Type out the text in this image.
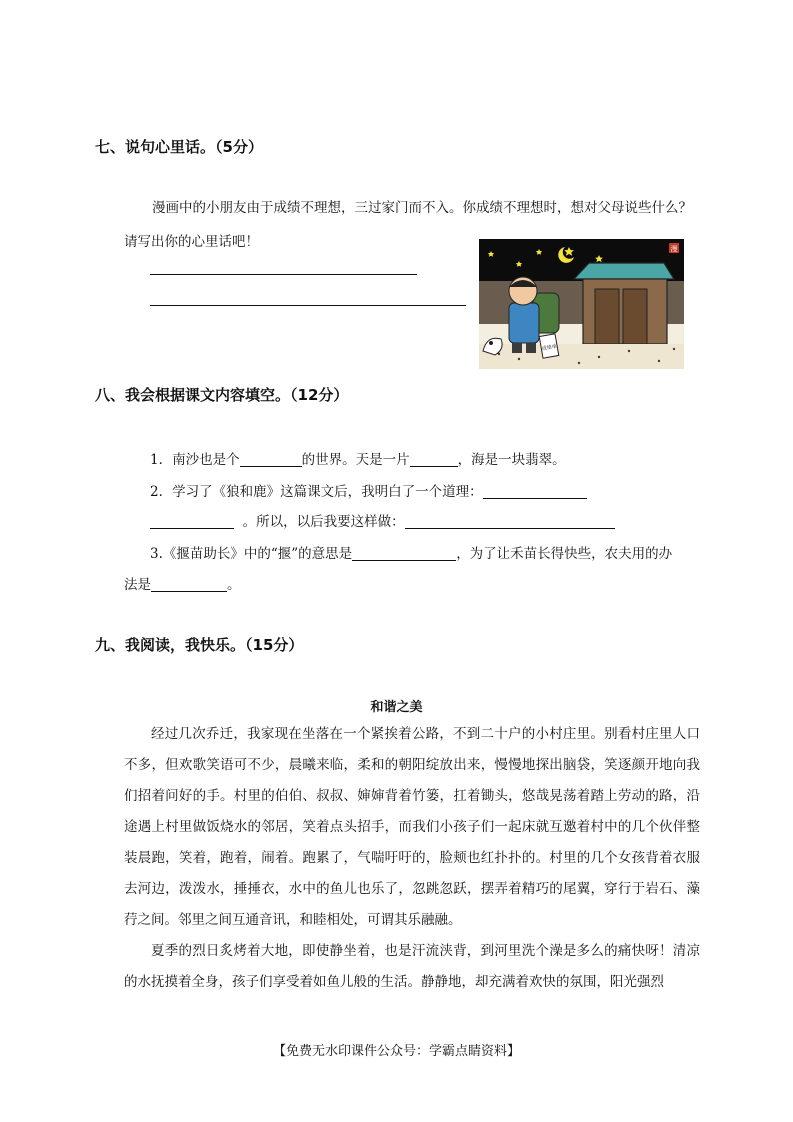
七、说句心里话。（5分）
漫画中的小朋友由于成绩不理想，三过家门而不入。你成绩不理想时，想对父母说些什么？
请写出你的心里话吧！	漫
成绩单
八、我会根据课文内容填空。（12分）
1．南沙也是个	的世界。天是一片	，海是一块翡翠。
2．学习了《狼和鹿》这篇课文后，我明白了一个道理：
。所以，以后我要这样做：
3.《揠苗助长》中的“揠”的意思是	，为了让禾苗长得快些，农夫用的办
法是	。
九、我阅读，我快乐。（15分）
和谐之美

经过几次乔迁，我家现在坐落在一个紧挨着公路，不到二十户的小村庄里。别看村庄里人口不多，但欢歌笑语可不少，晨曦来临，柔和的朝阳绽放出来，慢慢地探出脑袋，笑逐颜开地向我们招着问好的手。村里的伯伯、叔叔、婶婶背着竹篓，扛着锄头，悠哉晃荡着踏上劳动的路，沿途遇上村里做饭烧水的邻居，笑着点头招手，而我们小孩子们一起床就互邀着村中的几个伙伴整装晨跑，笑着，跑着，闹着。跑累了，气喘吁吁的，脸颊也红扑扑的。村里的几个女孩背着衣服去河边，泼泼水，捶捶衣，水中的鱼儿也乐了，忽跳忽跃，摆弄着精巧的尾翼，穿行于岩石、藻荇之间。邻里之间互通音讯，和睦相处，可谓其乐融融。

夏季的烈日炙烤着大地，即使静坐着，也是汗流浃背，到河里洗个澡是多么的痛快呀！清凉的水抚摸着全身，孩子们享受着如鱼儿般的生活。静静地，却充满着欢快的氛围，阳光强烈

【免费无水印课件公众号：学霸点睛资料】
